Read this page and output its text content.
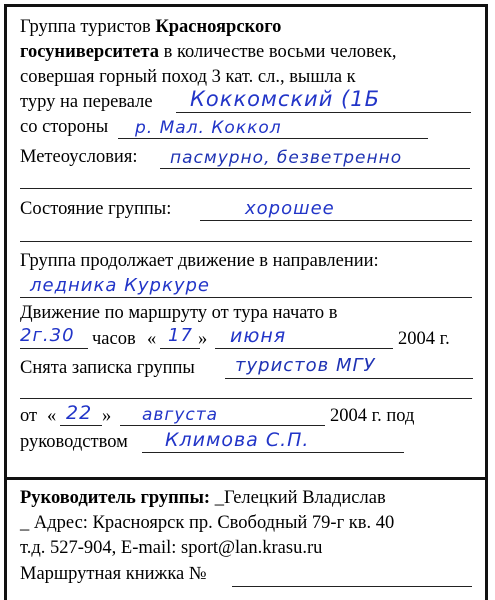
Группа туристов Красноярского
госуниверситета в количестве восьми человек,
совершая горный поход 3 кат. сл., вышла к
туру на перевале Коккомский (1Б
со стороны р. Мал. Коккол
Метеоусловия: пасмурно, безветренно
Состояние группы:	хорошее
Группа продолжает движение в направлении:
ледника Куркуре
Движение по маршруту от тура начато в
2г.30 часов « 17 » июня	2004 г.
Снята записка группы туристов МГУ
от « 22 » августа	2004 г. под
руководством Климова С.П.
Руководитель группы: _Гелецкий Владислав
_ Адрес: Красноярск пр. Свободный 79-г кв. 40
т.д. 527-904, E-mail: sport@lan.krasu.ru
Маршрутная книжка №
